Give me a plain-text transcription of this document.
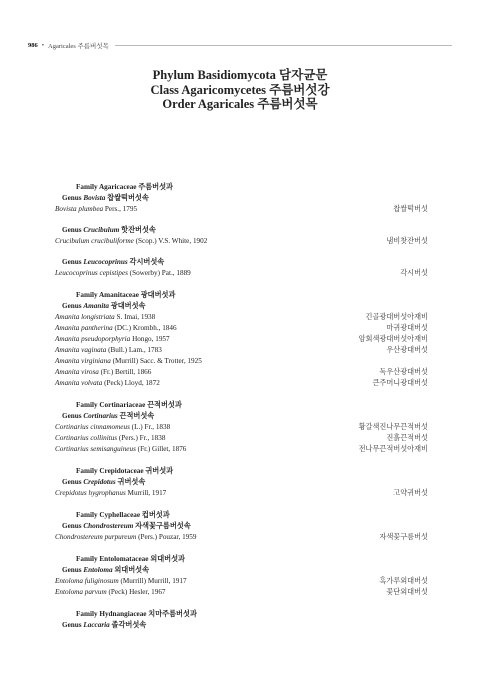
986 • Agaricales 주름버섯목
Phylum Basidiomycota 담자균문
Class Agaricomycetes 주름버섯강
Order Agaricales 주름버섯목
Family Agaricaceae 주름버섯과
Genus Bovista 찹쌀떡버섯속
Bovista plumbea Pers., 1795	찹쌀떡버섯
Genus Crucibulum 핫잔버섯속
Crucibulum crucibuliforme (Scop.) V.S. White, 1902	냄비찻잔버섯
Genus Leucocoprinus 각시버섯속
Leucocoprinus cepistipes (Sowerby) Pat., 1889	각시버섯
Family Amanitaceae 광대버섯과
Genus Amanita 광대버섯속
Amanita longistriata S. Imai, 1938	긴골광대버섯아재비
Amanita pantherina (DC.) Krombh., 1846	마귀광대버섯
Amanita pseudoporphyria Hongo, 1957	암회색광대버섯아재비
Amanita vaginata (Bull.) Lam., 1783	우산광대버섯
Amanita virginiana (Murrill) Sacc. & Trotter, 1925
Amanita virosa (Fr.) Bertill, 1866	독우산광대버섯
Amanita volvata (Peck) Lloyd, 1872	큰주머니광대버섯
Family Cortinariaceae 끈적버섯과
Genus Cortinarius 끈적버섯속
Cortinarius cinnamomeus (L.) Fr., 1838	황갈색진나무끈적버섯
Cortinarius collinitus (Pers.) Fr., 1838	진흙끈적버섯
Cortinarius semisanguineus (Fr.) Gillet, 1876	전나무끈적버섯아재비
Family Crepidotaceae 귀버섯과
Genus Crepidotus 귀버섯속
Crepidotus hygrophanus Murrill, 1917	고약귀버섯
Family Cyphellaceae 컵버섯과
Genus Chondrostereum 자색꽃구름버섯속
Chondrostereum purpureum (Pers.) Pouzar, 1959	자색꽃구름버섯
Family Entolomataceae 외대버섯과
Genus Entoloma 외대버섯속
Entoloma fuliginosum (Murrill) Murrill, 1917	흑가루외대버섯
Entoloma parvum (Peck) Hesler, 1967	꽃단외대버섯
Family Hydnangiaceae 치마주름버섯과
Genus Laccaria 졸각버섯속
